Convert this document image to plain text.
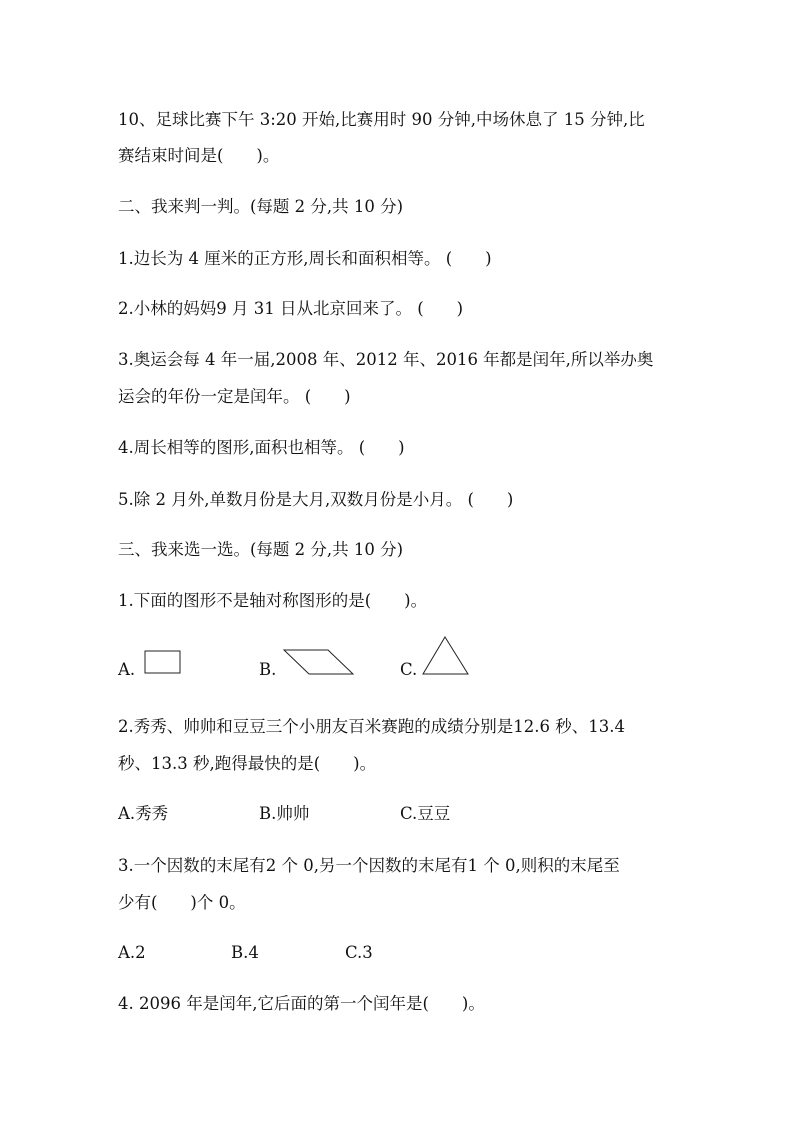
10、足球比赛下午 3:20 开始,比赛用时 90 分钟,中场休息了 15 分钟,比
赛结束时间是(  )。
二、我来判一判。(每题 2 分,共 10 分)
1.边长为 4 厘米的正方形,周长和面积相等。 (  )
2.小林的妈妈9 月 31 日从北京回来了。 (  )
3.奥运会每 4 年一届,2008 年、2012 年、2016 年都是闰年,所以举办奥
运会的年份一定是闰年。 (  )
4.周长相等的图形,面积也相等。 (  )
5.除 2 月外,单数月份是大月,双数月份是小月。 (  )
三、我来选一选。(每题 2 分,共 10 分)
1.下面的图形不是轴对称图形的是(  )。
A.	B.	C.
2.秀秀、帅帅和豆豆三个小朋友百米赛跑的成绩分别是12.6 秒、13.4
秒、13.3 秒,跑得最快的是(  )。
A.秀秀	B.帅帅	C.豆豆
3.一个因数的末尾有2 个 0,另一个因数的末尾有1 个 0,则积的末尾至
少有(  )个 0。
A.2	B.4	C.3
4. 2096 年是闰年,它后面的第一个闰年是(  )。
